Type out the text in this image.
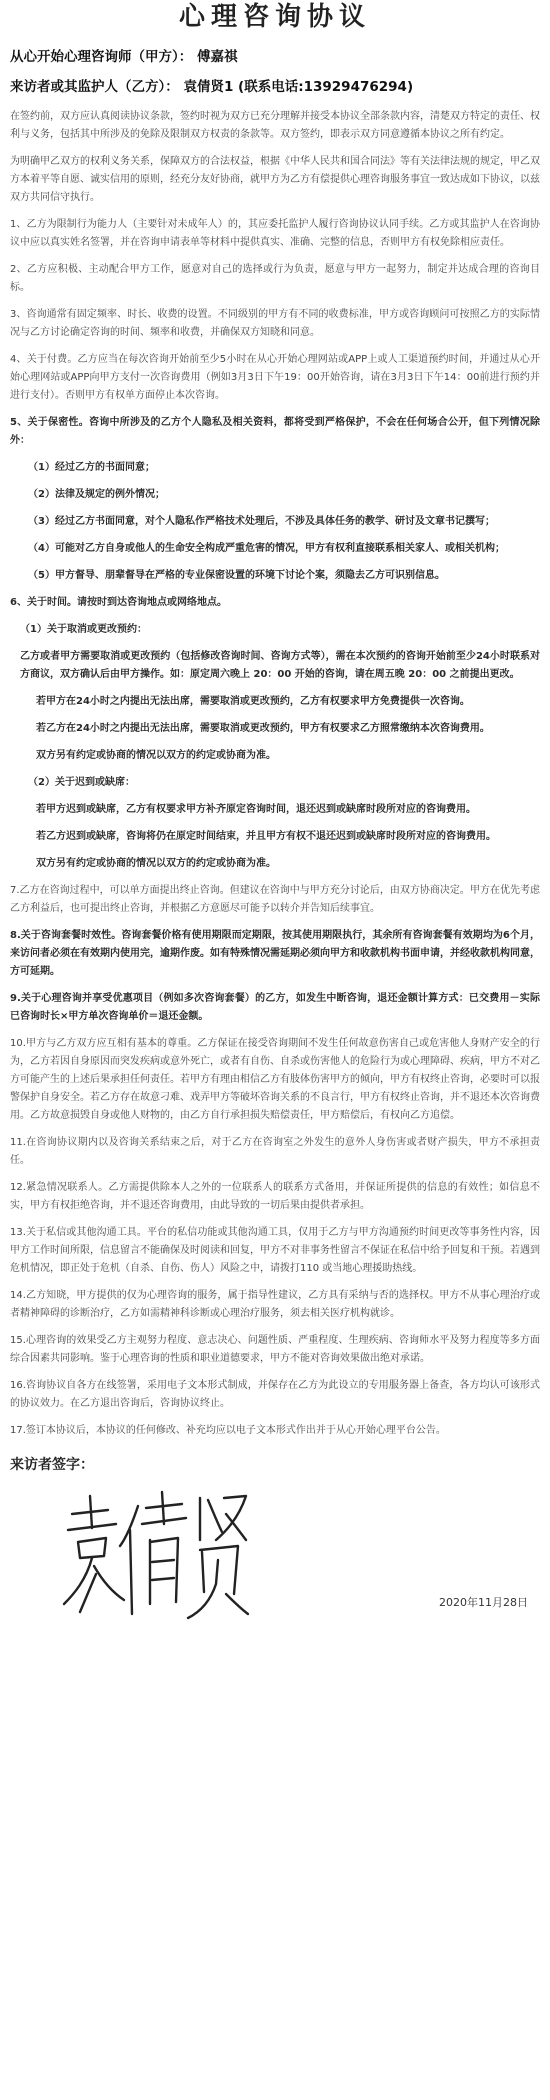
心理咨询协议
从心开始心理咨询师（甲方）： 傅嘉祺
来访者或其监护人（乙方）： 袁倩贤1 (联系电话:13929476294)

在签约前，双方应认真阅读协议条款，签约时视为双方已充分理解并接受本协议全部条款内容，清楚双方特定的责任、权利与义务，包括其中所涉及的免除及限制双方权责的条款等。双方签约，即表示双方同意遵循本协议之所有约定。

为明确甲乙双方的权利义务关系，保障双方的合法权益，根据《中华人民共和国合同法》等有关法律法规的规定，甲乙双方本着平等自愿、诚实信用的原则，经充分友好协商，就甲方为乙方有偿提供心理咨询服务事宜一致达成如下协议，以兹双方共同信守执行。

1、乙方为限制行为能力人（主要针对未成年人）的，其应委托监护人履行咨询协议认同手续。乙方或其监护人在咨询协议中应以真实姓名签署，并在咨询申请表单等材料中提供真实、准确、完整的信息，否则甲方有权免除相应责任。

2、乙方应积极、主动配合甲方工作，愿意对自己的选择或行为负责，愿意与甲方一起努力，制定并达成合理的咨询目标。

3、咨询通常有固定频率、时长、收费的设置。不同级别的甲方有不同的收费标准，甲方或咨询顾问可按照乙方的实际情况与乙方讨论确定咨询的时间、频率和收费，并确保双方知晓和同意。

4、关于付费。乙方应当在每次咨询开始前至少5小时在从心开始心理网站或APP上或人工渠道预约时间，并通过从心开始心理网站或APP向甲方支付一次咨询费用（例如3月3日下午19：00开始咨询，请在3月3日下午14：00前进行预约并进行支付）。否则甲方有权单方面停止本次咨询。

5、关于保密性。咨询中所涉及的乙方个人隐私及相关资料，都将受到严格保护，不会在任何场合公开，但下列情况除外：

（1）经过乙方的书面同意；

（2）法律及规定的例外情况；

（3）经过乙方书面同意，对个人隐私作严格技术处理后，不涉及具体任务的教学、研讨及文章书记撰写；

（4）可能对乙方自身或他人的生命安全构成严重危害的情况，甲方有权利直接联系相关家人、或相关机构；

（5）甲方督导、朋辈督导在严格的专业保密设置的环境下讨论个案，须隐去乙方可识别信息。

6、关于时间。请按时到达咨询地点或网络地点。

（1）关于取消或更改预约：

乙方或者甲方需要取消或更改预约（包括修改咨询时间、咨询方式等），需在本次预约的咨询开始前至少24小时联系对方商议，双方确认后由甲方操作。如：原定周六晚上 20：00 开始的咨询，请在周五晚 20：00 之前提出更改。

若甲方在24小时之内提出无法出席，需要取消或更改预约，乙方有权要求甲方免费提供一次咨询。

若乙方在24小时之内提出无法出席，需要取消或更改预约，甲方有权要求乙方照常缴纳本次咨询费用。

双方另有约定或协商的情况以双方的约定或协商为准。

（2）关于迟到或缺席：

若甲方迟到或缺席，乙方有权要求甲方补齐原定咨询时间，退还迟到或缺席时段所对应的咨询费用。

若乙方迟到或缺席，咨询将仍在原定时间结束，并且甲方有权不退还迟到或缺席时段所对应的咨询费用。

双方另有约定或协商的情况以双方的约定或协商为准。

7.乙方在咨询过程中，可以单方面提出终止咨询。但建议在咨询中与甲方充分讨论后，由双方协商决定。甲方在优先考虑乙方利益后，也可提出终止咨询，并根据乙方意愿尽可能予以转介并告知后续事宜。

8.关于咨询套餐时效性。咨询套餐价格有使用期限而定期限，按其使用期限执行，其余所有咨询套餐有效期均为6个月，来访问者必须在有效期内使用完，逾期作废。如有特殊情况需延期必须向甲方和收款机构书面申请，并经收款机构同意，方可延期。

9.关于心理咨询并享受优惠项目（例如多次咨询套餐）的乙方，如发生中断咨询，退还金额计算方式：已交费用－实际已咨询时长×甲方单次咨询单价＝退还金额。

10.甲方与乙方双方应互相有基本的尊重。乙方保证在接受咨询期间不发生任何故意伤害自己或危害他人身财产安全的行为，乙方若因自身原因而突发疾病或意外死亡，或者有自伤、自杀或伤害他人的危险行为或心理障碍、疾病，甲方不对乙方可能产生的上述后果承担任何责任。若甲方有理由相信乙方有肢体伤害甲方的倾向，甲方有权终止咨询，必要时可以报警保护自身安全。若乙方存在故意刁难、戏弄甲方等破坏咨询关系的不良言行，甲方有权终止咨询，并不退还本次咨询费用。乙方故意损毁自身或他人财物的，由乙方自行承担损失赔偿责任，甲方赔偿后，有权向乙方追偿。

11.在咨询协议期内以及咨询关系结束之后，对于乙方在咨询室之外发生的意外人身伤害或者财产损失，甲方不承担责任。

12.紧急情况联系人。乙方需提供除本人之外的一位联系人的联系方式备用，并保证所提供的信息的有效性；如信息不实，甲方有权拒绝咨询，并不退还咨询费用，由此导致的一切后果由提供者承担。

13.关于私信或其他沟通工具。平台的私信功能或其他沟通工具，仅用于乙方与甲方沟通预约时间更改等事务性内容，因甲方工作时间所限，信息留言不能确保及时阅读和回复，甲方不对非事务性留言不保证在私信中给予回复和干预。若遇到危机情况，即正处于危机（自杀、自伤、伤人）风险之中，请拨打110 或当地心理援助热线。

14.乙方知晓，甲方提供的仅为心理咨询的服务，属于指导性建议，乙方具有采纳与否的选择权。甲方不从事心理治疗或者精神障碍的诊断治疗，乙方如需精神科诊断或心理治疗服务，须去相关医疗机构就诊。

15.心理咨询的效果受乙方主观努力程度、意志决心、问题性质、严重程度、生理疾病、咨询师水平及努力程度等多方面综合因素共同影响。鉴于心理咨询的性质和职业道德要求，甲方不能对咨询效果做出绝对承诺。

16.咨询协议自各方在线签署，采用电子文本形式制成，并保存在乙方为此设立的专用服务器上备查，各方均认可该形式的协议效力。在乙方退出咨询后，咨询协议终止。

17.签订本协议后，本协议的任何修改、补充均应以电子文本形式作出并于从心开始心理平台公告。

来访者签字：
2020年11月28日
